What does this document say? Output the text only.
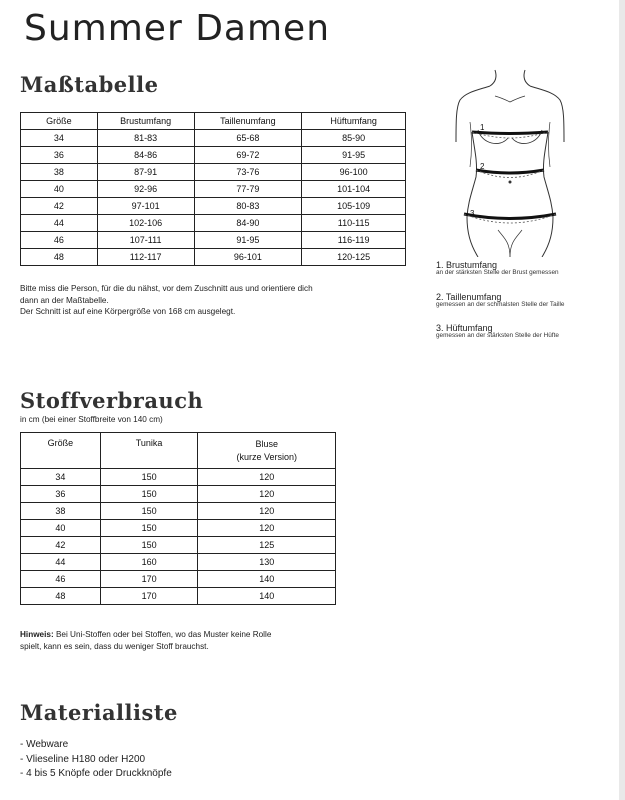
Summer Damen
Maßtabelle
Größe	Brustumfang	Taillenumfang	Hüftumfang
34	81-83	65-68	85-90
36	84-86	69-72	91-95
38	87-91	73-76	96-100
40	92-96	77-79	101-104
42	97-101	80-83	105-109
44	102-106	84-90	110-115
46	107-111	91-95	116-119
48	112-117	96-101	120-125
Bitte miss die Person, für die du nähst, vor dem Zuschnitt aus und orientiere dich
dann an der Maßtabelle.
Der Schnitt ist auf eine Körpergröße von 168 cm ausgelegt.
1
2
3
1. Brustumfang
an der stärksten Stelle der Brust gemessen
2. Taillenumfang
gemessen an der schmalsten Stelle der Taille
3. Hüftumfang
gemessen an der stärksten Stelle der Hüfte
Stoffverbrauch
in cm (bei einer Stoffbreite von 140 cm)
Größe	Tunika	Bluse
(kurze Version)

34	150	120
36	150	120
38	150	120
40	150	120
42	150	125
44	160	130
46	170	140
48	170	140
Hinweis: Bei Uni-Stoffen oder bei Stoffen, wo das Muster keine Rolle
spielt, kann es sein, dass du weniger Stoff brauchst.
Materialliste
- Webware
- Vlieseline H180 oder H200
- 4 bis 5 Knöpfe oder Druckknöpfe
